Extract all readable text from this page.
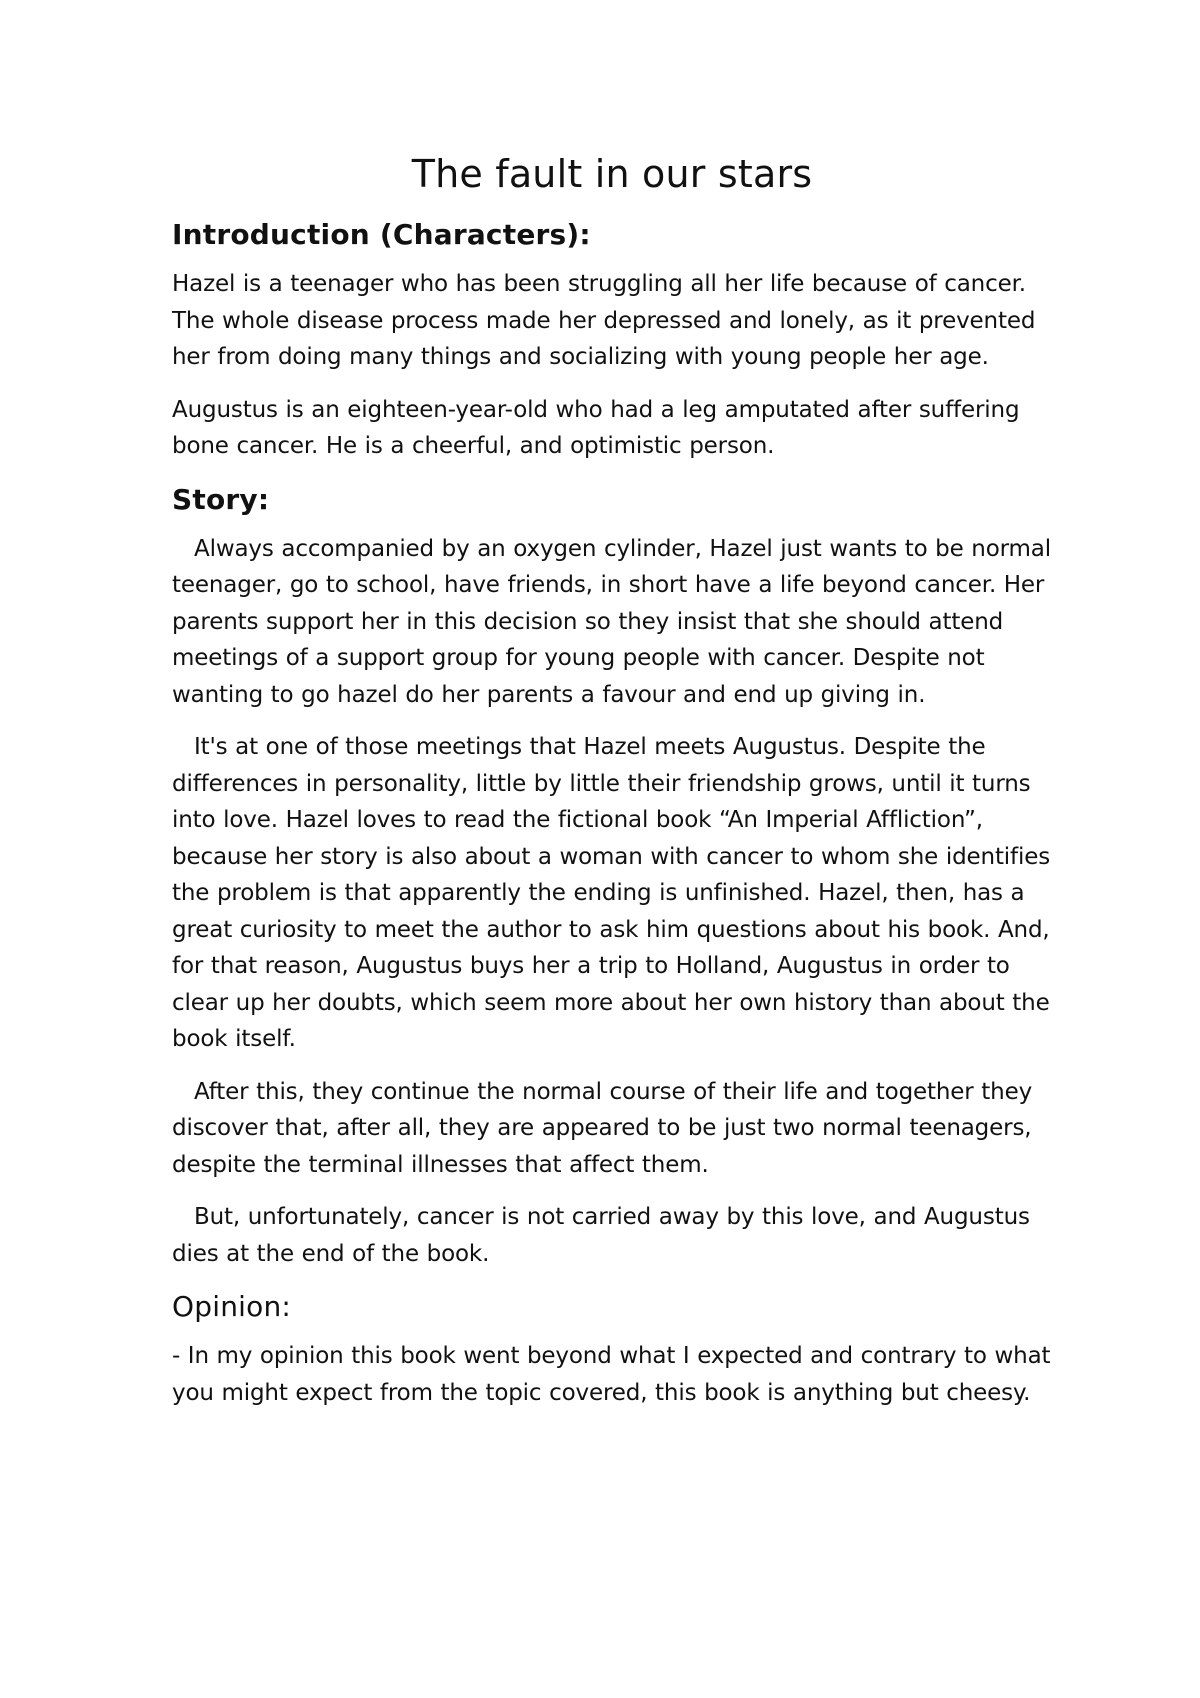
The fault in our stars
Introduction (Characters):

Hazel is a teenager who has been struggling all her life because of cancer. The whole disease process made her depressed and lonely, as it prevented her from doing many things and socializing with young people her age.

Augustus is an eighteen-year-old who had a leg amputated after suffering bone cancer. He is a cheerful, and optimistic person.

Story:

Always accompanied by an oxygen cylinder, Hazel just wants to be normal teenager, go to school, have friends, in short have a life beyond cancer. Her parents support her in this decision so they insist that she should attend meetings of a support group for young people with cancer. Despite not wanting to go hazel do her parents a favour and end up giving in.

It's at one of those meetings that Hazel meets Augustus. Despite the differences in personality, little by little their friendship grows, until it turns into love. Hazel loves to read the fictional book “An Imperial Affliction”, because her story is also about a woman with cancer to whom she identifies the problem is that apparently the ending is unfinished. Hazel, then, has a great curiosity to meet the author to ask him questions about his book. And, for that reason, Augustus buys her a trip to Holland, Augustus in order to clear up her doubts, which seem more about her own history than about the book itself.

After this, they continue the normal course of their life and together they discover that, after all, they are appeared to be just two normal teenagers, despite the terminal illnesses that affect them.

But, unfortunately, cancer is not carried away by this love, and Augustus dies at the end of the book.

Opinion:

- In my opinion this book went beyond what I expected and contrary to what you might expect from the topic covered, this book is anything but cheesy.
